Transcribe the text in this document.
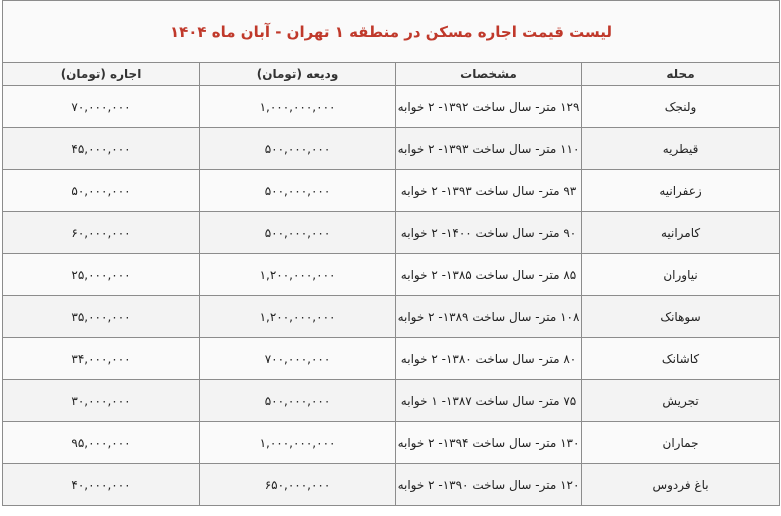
لیست قیمت اجاره مسکن در منطقه ۱ تهران - آبان ماه ۱۴۰۴			
محله	مشخصات	ودیعه (تومان)	اجاره (تومان)
ولنجک	۱۲۹ متر- سال ساخت ۱۳۹۲- ۲ خوابه	۱,۰۰۰,۰۰۰,۰۰۰	۷۰,۰۰۰,۰۰۰
قیطریه	۱۱۰ متر- سال ساخت ۱۳۹۳- ۲ خوابه	۵۰۰,۰۰۰,۰۰۰	۴۵,۰۰۰,۰۰۰
زعفرانیه	۹۳ متر- سال ساخت ۱۳۹۳- ۲ خوابه	۵۰۰,۰۰۰,۰۰۰	۵۰,۰۰۰,۰۰۰
کامرانیه	۹۰ متر- سال ساخت ۱۴۰۰- ۲ خوابه	۵۰۰,۰۰۰,۰۰۰	۶۰,۰۰۰,۰۰۰
نیاوران	۸۵ متر- سال ساخت ۱۳۸۵- ۲ خوابه	۱,۲۰۰,۰۰۰,۰۰۰	۲۵,۰۰۰,۰۰۰
سوهانک	۱۰۸ متر- سال ساخت ۱۳۸۹- ۲ خوابه	۱,۲۰۰,۰۰۰,۰۰۰	۳۵,۰۰۰,۰۰۰
کاشانک	۸۰ متر- سال ساخت ۱۳۸۰- ۲ خوابه	۷۰۰,۰۰۰,۰۰۰	۳۴,۰۰۰,۰۰۰
تجریش	۷۵ متر- سال ساخت ۱۳۸۷- ۱ خوابه	۵۰۰,۰۰۰,۰۰۰	۳۰,۰۰۰,۰۰۰
جماران	۱۳۰ متر- سال ساخت ۱۳۹۴- ۲ خوابه	۱,۰۰۰,۰۰۰,۰۰۰	۹۵,۰۰۰,۰۰۰
باغ فردوس	۱۲۰ متر- سال ساخت ۱۳۹۰- ۲ خوابه	۶۵۰,۰۰۰,۰۰۰	۴۰,۰۰۰,۰۰۰
